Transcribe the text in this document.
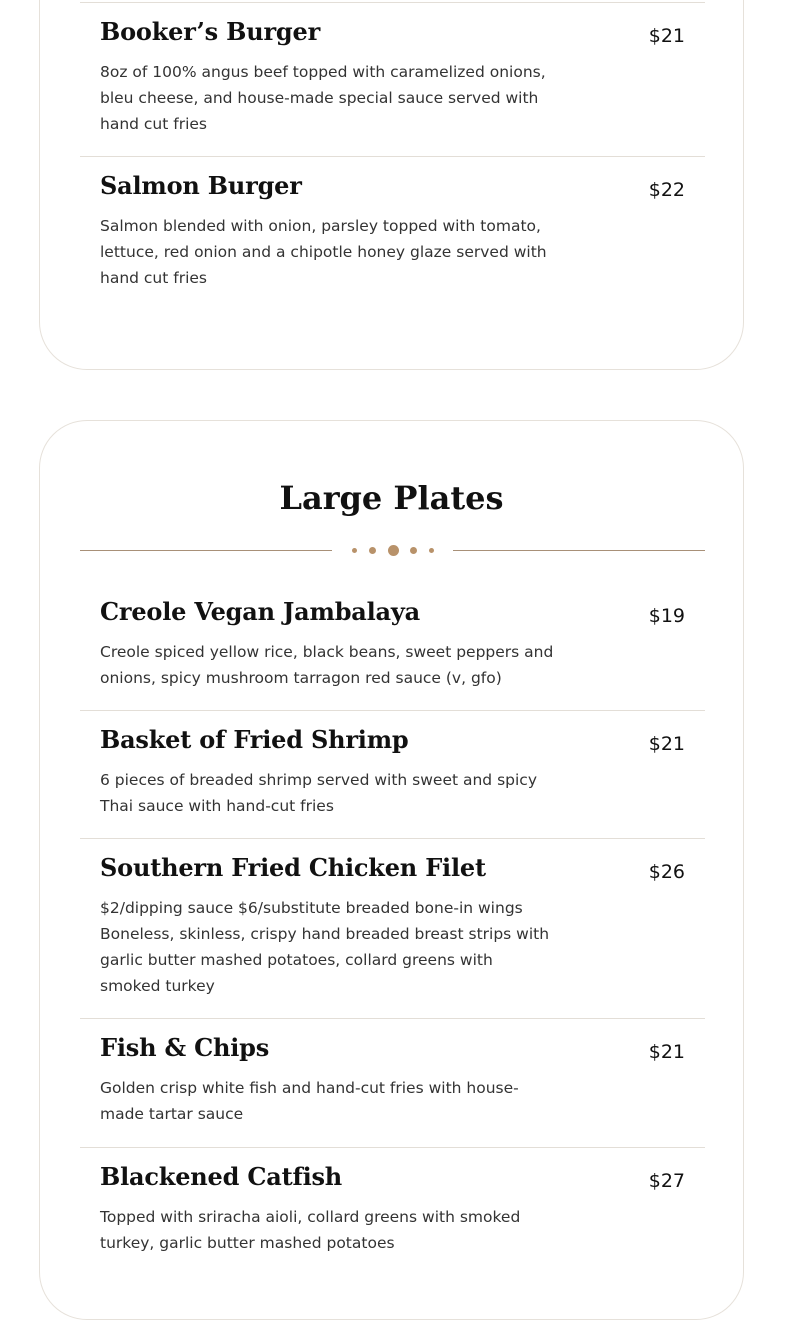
Booker’s Burger	$21
8oz of 100% angus beef topped with caramelized onions, bleu cheese, and house-made special sauce served with hand cut fries
Salmon Burger	$22
Salmon blended with onion, parsley topped with tomato, lettuce, red onion and a chipotle honey glaze served with hand cut fries
Large Plates
Creole Vegan Jambalaya	$19
Creole spiced yellow rice, black beans, sweet peppers and onions, spicy mushroom tarragon red sauce (v, gfo)
Basket of Fried Shrimp	$21
6 pieces of breaded shrimp served with sweet and spicy Thai sauce with hand-cut fries
Southern Fried Chicken Filet	$26
$2/dipping sauce $6/substitute breaded bone-in wings Boneless, skinless, crispy hand breaded breast strips with garlic butter mashed potatoes, collard greens with smoked turkey
Fish & Chips	$21
Golden crisp white fish and hand-cut fries with house-made tartar sauce
Blackened Catfish	$27
Topped with sriracha aioli, collard greens with smoked turkey, garlic butter mashed potatoes
